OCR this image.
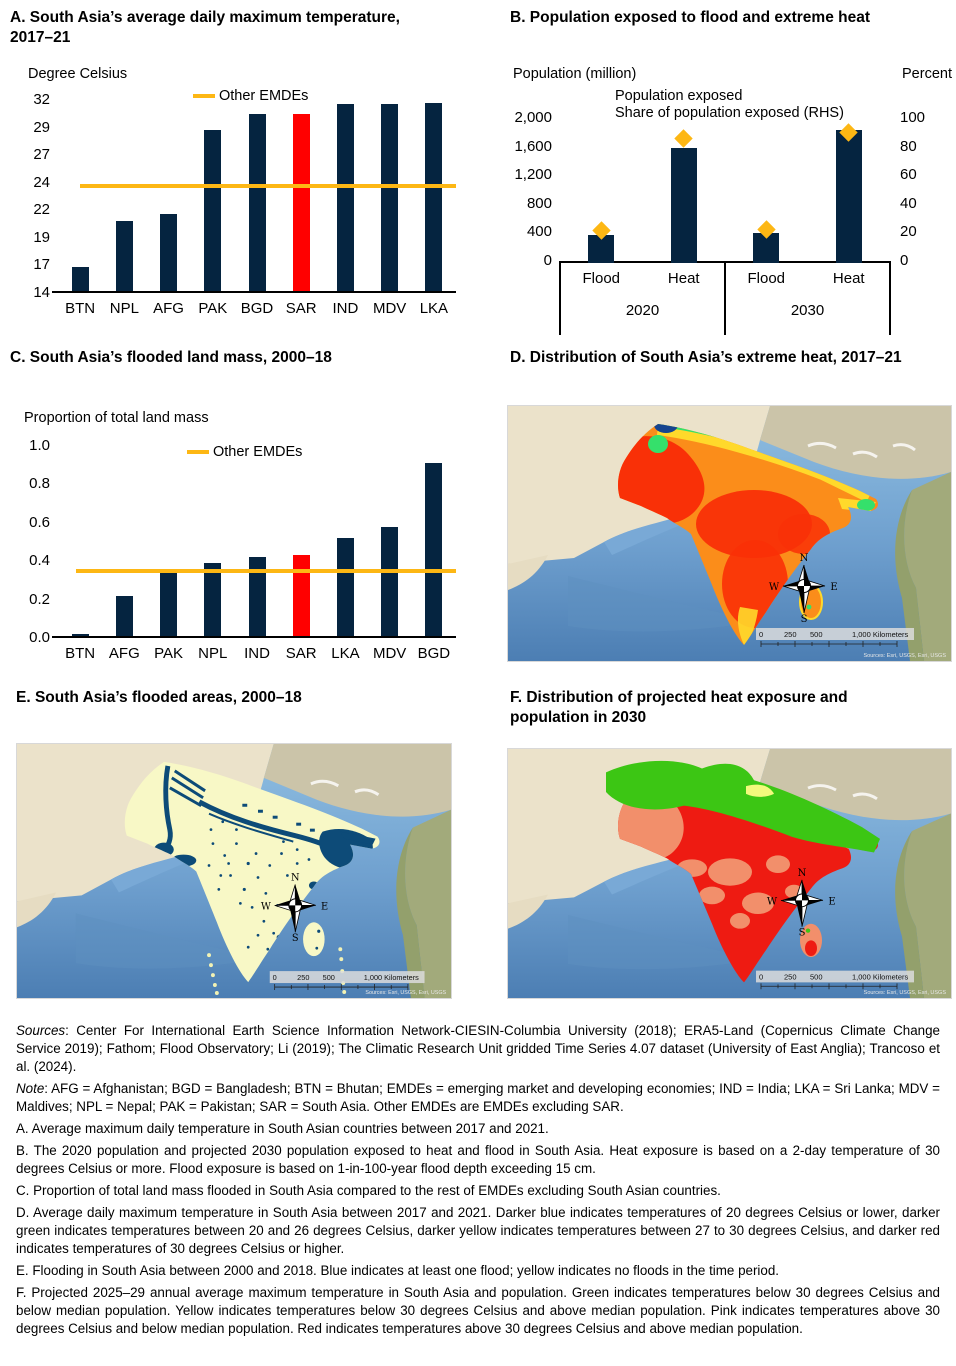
A. South Asia’s average daily maximum temperature, 2017–21
Degree Celsius
Other EMDEs
32
29
27
24
22
19
17
14
BTN NPL AFG PAK BGD SAR	IND MDV LKA
B. Population exposed to flood and extreme heat
Population (million)	Percent
Population exposed
Share of population exposed (RHS)
2,000
1,600
1,200
800
400
0
100
80
60
40
20
0
Flood	Heat	Flood	Heat
2020	2030
C. South Asia’s flooded land mass, 2000–18
Proportion of total land mass
Other EMDEs
1.0
0.8
0.6
0.4
0.2
0.0
BTN AFG PAK	NPL	IND	SAR LKA MDV BGD
D. Distribution of South Asia’s extreme heat, 2017–21
0	250 500	1,000 Kilometers
Sources: Esri, USGS, Esri, USGS
E. South Asia’s flooded areas, 2000–18
0	250 500	1,000 Kilometers
Sources: Esri, USGS, Esri, USGS
F. Distribution of projected heat exposure and population in 2030
0	250 500	1,000 Kilometers
Sources: Esri, USGS, Esri, USGS

Sources: Center For International Earth Science Information Network-CIESIN-Columbia University (2018); ERA5-Land (Copernicus Climate Change Service 2019); Fathom; Flood Observatory; Li (2019); The Climatic Research Unit gridded Time Series 4.07 dataset (University of East Anglia); Trancoso et al. (2024).

Note: AFG = Afghanistan; BGD = Bangladesh; BTN = Bhutan; EMDEs = emerging market and developing economies; IND = India; LKA = Sri Lanka; MDV = Maldives; NPL = Nepal; PAK = Pakistan; SAR = South Asia. Other EMDEs are EMDEs excluding SAR.

A. Average maximum daily temperature in South Asian countries between 2017 and 2021.

B. The 2020 population and projected 2030 population exposed to heat and flood in South Asia. Heat exposure is based on a 2-day temperature of 30 degrees Celsius or more. Flood exposure is based on 1-in-100-year flood depth exceeding 15 cm.

C. Proportion of total land mass flooded in South Asia compared to the rest of EMDEs excluding South Asian countries.

D. Average daily maximum temperature in South Asia between 2017 and 2021. Darker blue indicates temperatures of 20 degrees Celsius or lower, darker green indicates temperatures between 20 and 26 degrees Celsius, darker yellow indicates temperatures between 27 to 30 degrees Celsius, and darker red indicates temperatures of 30 degrees Celsius or higher.

E. Flooding in South Asia between 2000 and 2018. Blue indicates at least one flood; yellow indicates no floods in the time period.

F. Projected 2025–29 annual average maximum temperature in South Asia and population. Green indicates temperatures below 30 degrees Celsius and below median population. Yellow indicates temperatures below 30 degrees Celsius and above median population. Pink indicates temperatures above 30 degrees Celsius and below median population. Red indicates temperatures above 30 degrees Celsius and above median population.
